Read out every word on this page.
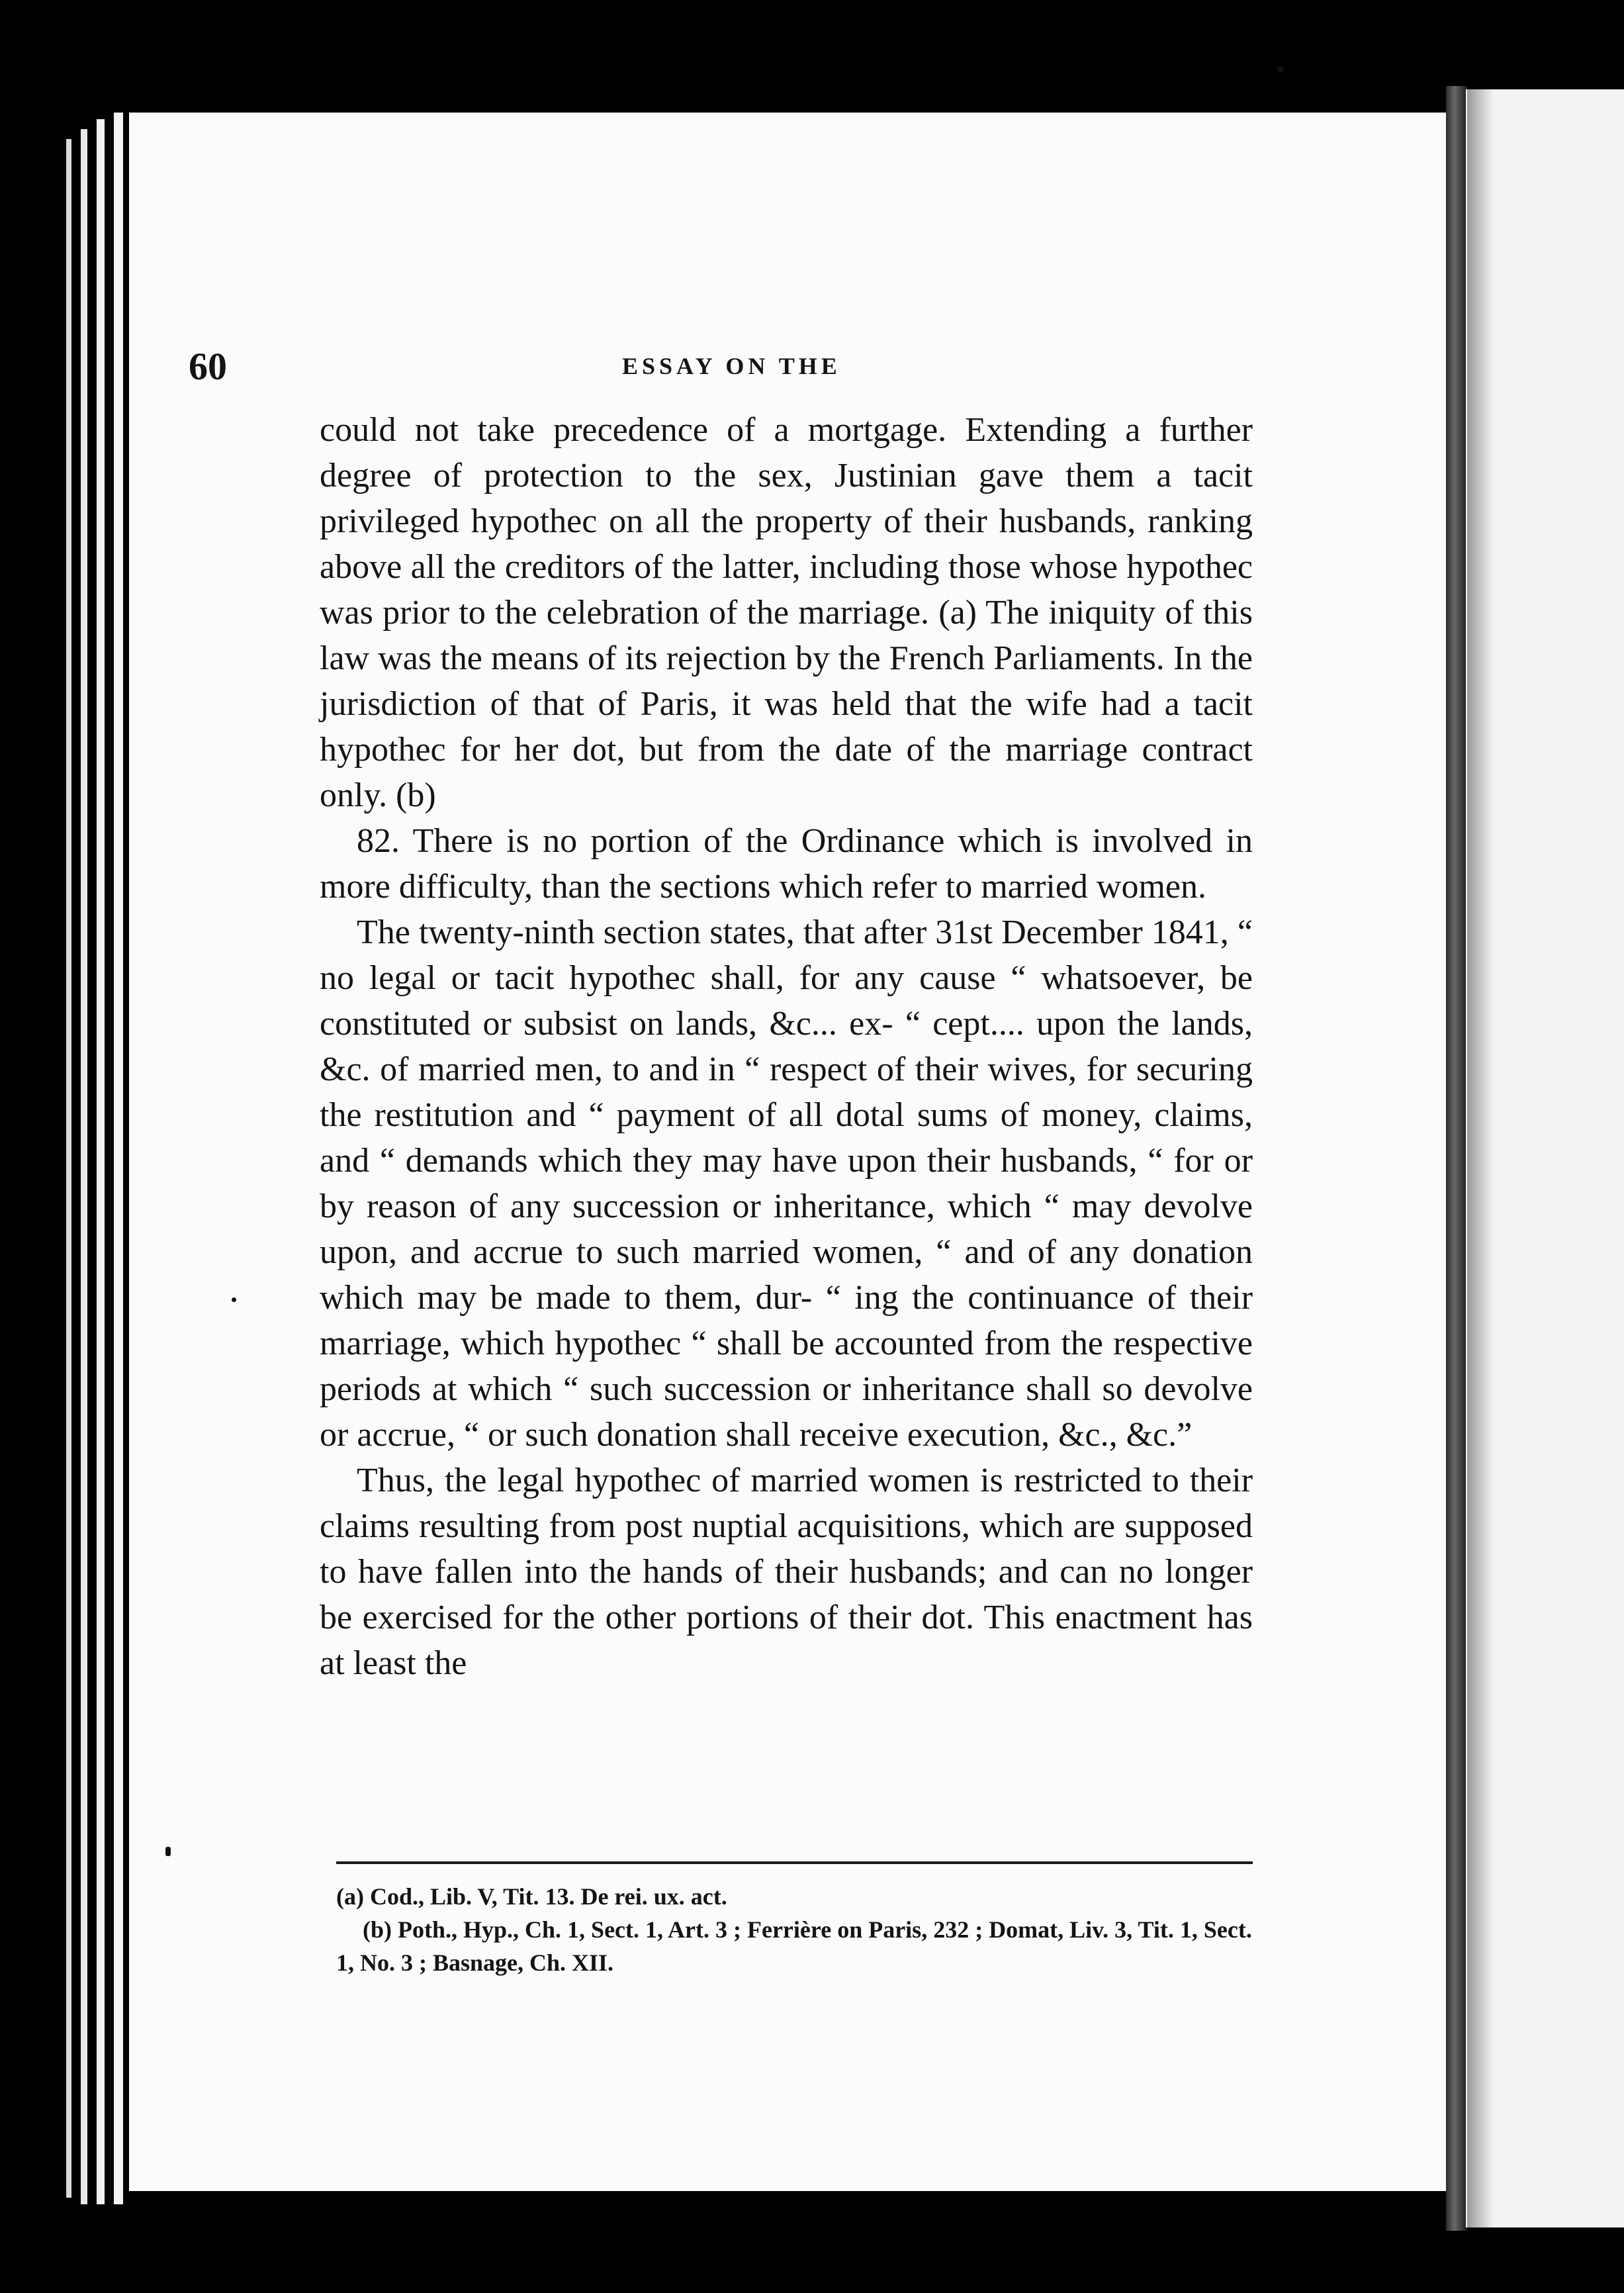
60	ESSAY ON THE

could not take precedence of a mortgage. Extending a further degree of protection to the sex, Justinian gave them a tacit privileged hypothec on all the property of their husbands, ranking above all the creditors of the latter, including those whose hypothec was prior to the celebration of the marriage. (a) The iniquity of this law was the means of its rejection by the French Parliaments. In the jurisdiction of that of Paris, it was held that the wife had a tacit hypothec for her dot, but from the date of the marriage contract only. (b)

82. There is no portion of the Ordinance which is involved in more difficulty, than the sections which refer to married women.

The twenty-ninth section states, that after 31st December 1841, “ no legal or tacit hypothec shall, for any cause “ whatsoever, be constituted or subsist on lands, &c... ex- “ cept.... upon the lands, &c. of married men, to and in “ respect of their wives, for securing the restitution and “ payment of all dotal sums of money, claims, and “ demands which they may have upon their husbands, “ for or by reason of any succession or inheritance, which “ may devolve upon, and accrue to such married women, “ and of any donation which may be made to them, dur- “ ing the continuance of their marriage, which hypothec “ shall be accounted from the respective periods at which “ such succession or inheritance shall so devolve or accrue, “ or such donation shall receive execution, &c., &c.”

Thus, the legal hypothec of married women is restricted to their claims resulting from post nuptial acquisitions, which are supposed to have fallen into the hands of their husbands; and can no longer be exercised for the other portions of their dot. This enactment has at least the

(a) Cod., Lib. V, Tit. 13. De rei. ux. act.

(b) Poth., Hyp., Ch. 1, Sect. 1, Art. 3 ; Ferrière on Paris, 232 ; Domat, Liv. 3, Tit. 1, Sect. 1, No. 3 ; Basnage, Ch. XII.
